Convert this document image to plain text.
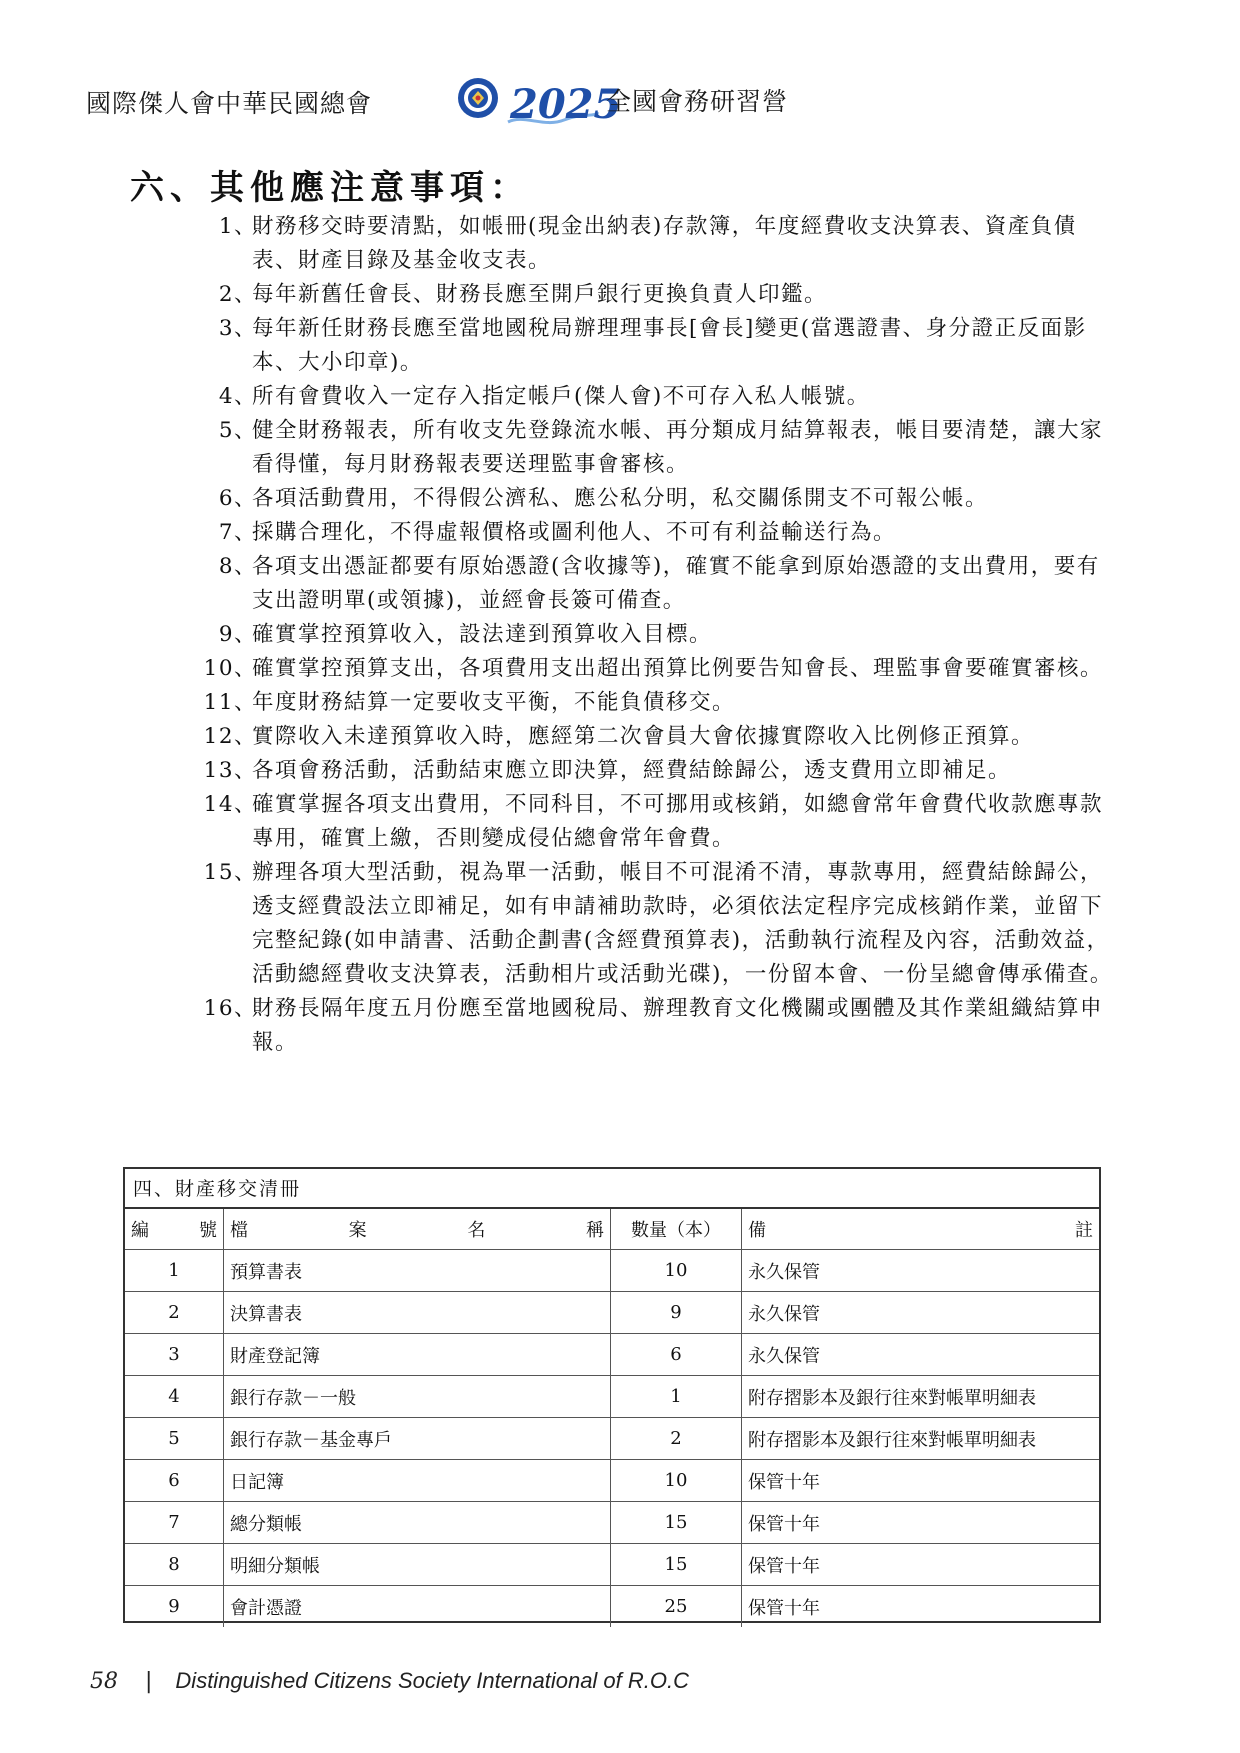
國際傑人會中華民國總會	2025
全國會務研習營
六、其他應注意事項：
1 、
財務移交時要清點，如帳冊(現金出納表)存款簿，年度經費收支決算表、資產負債表、財產目錄及基金收支表。
2 、
每年新舊任會長、財務長應至開戶銀行更換負責人印鑑。
3 、
每年新任財務長應至當地國稅局辦理理事長[會長]變更(當選證書、身分證正反面影本、大小印章)。
4 、
所有會費收入一定存入指定帳戶(傑人會)不可存入私人帳號。
5 、
健全財務報表，所有收支先登錄流水帳、再分類成月結算報表，帳目要清楚，讓大家看得懂，每月財務報表要送理監事會審核。
6 、
各項活動費用，不得假公濟私、應公私分明，私交關係開支不可報公帳。
7 、
採購合理化，不得虛報價格或圖利他人、不可有利益輸送行為。
8 、
各項支出憑証都要有原始憑證(含收據等)，確實不能拿到原始憑證的支出費用，要有支出證明單(或領據)，並經會長簽可備查。
9 、
確實掌控預算收入，設法達到預算收入目標。
10 、
確實掌控預算支出，各項費用支出超出預算比例要告知會長、理監事會要確實審核。
11 、
年度財務結算一定要收支平衡，不能負債移交。
12 、
實際收入未達預算收入時，應經第二次會員大會依據實際收入比例修正預算。
13 、
各項會務活動，活動結束應立即決算，經費結餘歸公，透支費用立即補足。
14 、
確實掌握各項支出費用，不同科目，不可挪用或核銷，如總會常年會費代收款應專款專用，確實上繳，否則變成侵佔總會常年會費。
15 、
辦理各項大型活動，視為單一活動，帳目不可混淆不清，專款專用，經費結餘歸公，透支經費設法立即補足，如有申請補助款時，必須依法定程序完成核銷作業，並留下完整紀錄(如申請書、活動企劃書(含經費預算表)，活動執行流程及內容，活動效益，活動總經費收支決算表，活動相片或活動光碟)，一份留本會、一份呈總會傳承備查。
16 、
財務長隔年度五月份應至當地國稅局、辦理教育文化機關或團體及其作業組織結算申報。
四、財產移交清冊
編 號	檔 案 名 稱	數量（本）	備 註

1	預算書表	10	永久保管
2	決算書表	9	永久保管
3	財產登記簿	6	永久保管
4	銀行存款－一般	1	附存摺影本及銀行往來對帳單明細表
5	銀行存款－基金專戶	2	附存摺影本及銀行往來對帳單明細表
6	日記簿	10	保管十年
7	總分類帳	15	保管十年
8	明細分類帳	15	保管十年
9	會計憑證	25	保管十年
58 | Distinguished Citizens Society International of R.O.C
